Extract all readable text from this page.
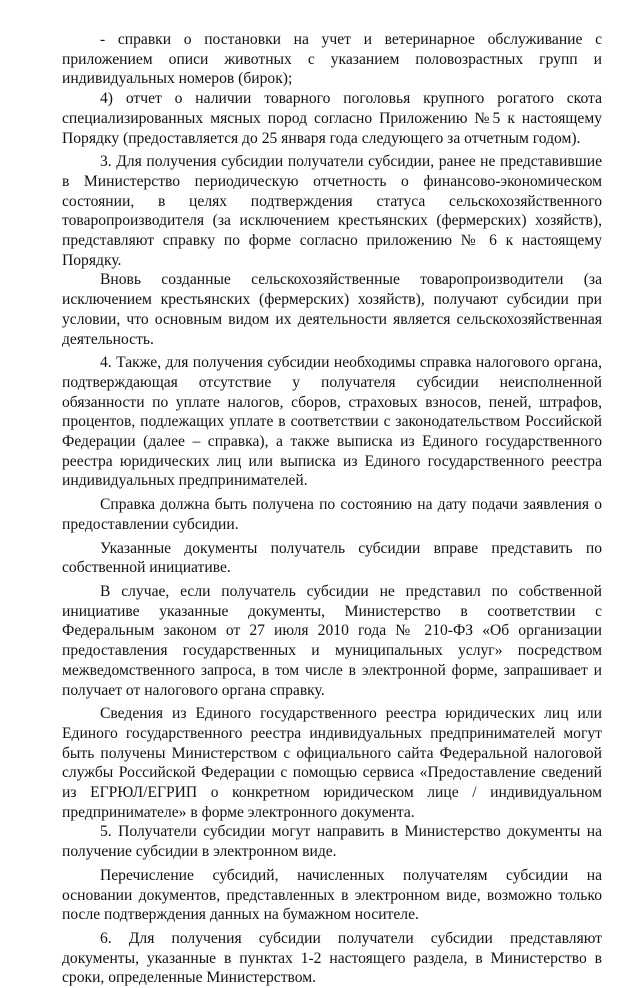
- справки о постановки на учет и ветеринарное обслуживание с приложением описи животных с указанием половозрастных групп и индивидуальных номеров (бирок);

4) отчет о наличии товарного поголовья крупного рогатого скота специализированных мясных пород согласно Приложению №5 к настоящему Порядку (предоставляется до 25 января года следующего за отчетным годом).

3. Для получения субсидии получатели субсидии, ранее не представившие в Министерство периодическую отчетность о финансово-экономическом состоянии, в целях подтверждения статуса сельскохозяйственного товаропроизводителя (за исключением крестьянских (фермерских) хозяйств), представляют справку по форме согласно приложению № 6 к настоящему Порядку.

Вновь созданные сельскохозяйственные товаропроизводители (за исключением крестьянских (фермерских) хозяйств), получают субсидии при условии, что основным видом их деятельности является сельскохозяйственная деятельность.

4. Также, для получения субсидии необходимы справка налогового органа, подтверждающая отсутствие у получателя субсидии неисполненной обязанности по уплате налогов, сборов, страховых взносов, пеней, штрафов, процентов, подлежащих уплате в соответствии с законодательством Российской Федерации (далее – справка), а также выписка из Единого государственного реестра юридических лиц или выписка из Единого государственного реестра индивидуальных предпринимателей.

Справка должна быть получена по состоянию на дату подачи заявления о предоставлении субсидии.

Указанные документы получатель субсидии вправе представить по собственной инициативе.

В случае, если получатель субсидии не представил по собственной инициативе указанные документы, Министерство в соответствии с Федеральным законом от 27 июля 2010 года № 210-ФЗ «Об организации предоставления государственных и муниципальных услуг» посредством межведомственного запроса, в том числе в электронной форме, запрашивает и получает от налогового органа справку.

Сведения из Единого государственного реестра юридических лиц или Единого государственного реестра индивидуальных предпринимателей могут быть получены Министерством с официального сайта Федеральной налоговой службы Российской Федерации с помощью сервиса «Предоставление сведений из ЕГРЮЛ/ЕГРИП о конкретном юридическом лице / индивидуальном предпринимателе» в форме электронного документа.

5. Получатели субсидии могут направить в Министерство документы на получение субсидии в электронном виде.

Перечисление субсидий, начисленных получателям субсидии на основании документов, представленных в электронном виде, возможно только после подтверждения данных на бумажном носителе.

6. Для получения субсидии получатели субсидии представляют документы, указанные в пунктах 1-2 настоящего раздела, в Министерство в сроки, определенные Министерством.
